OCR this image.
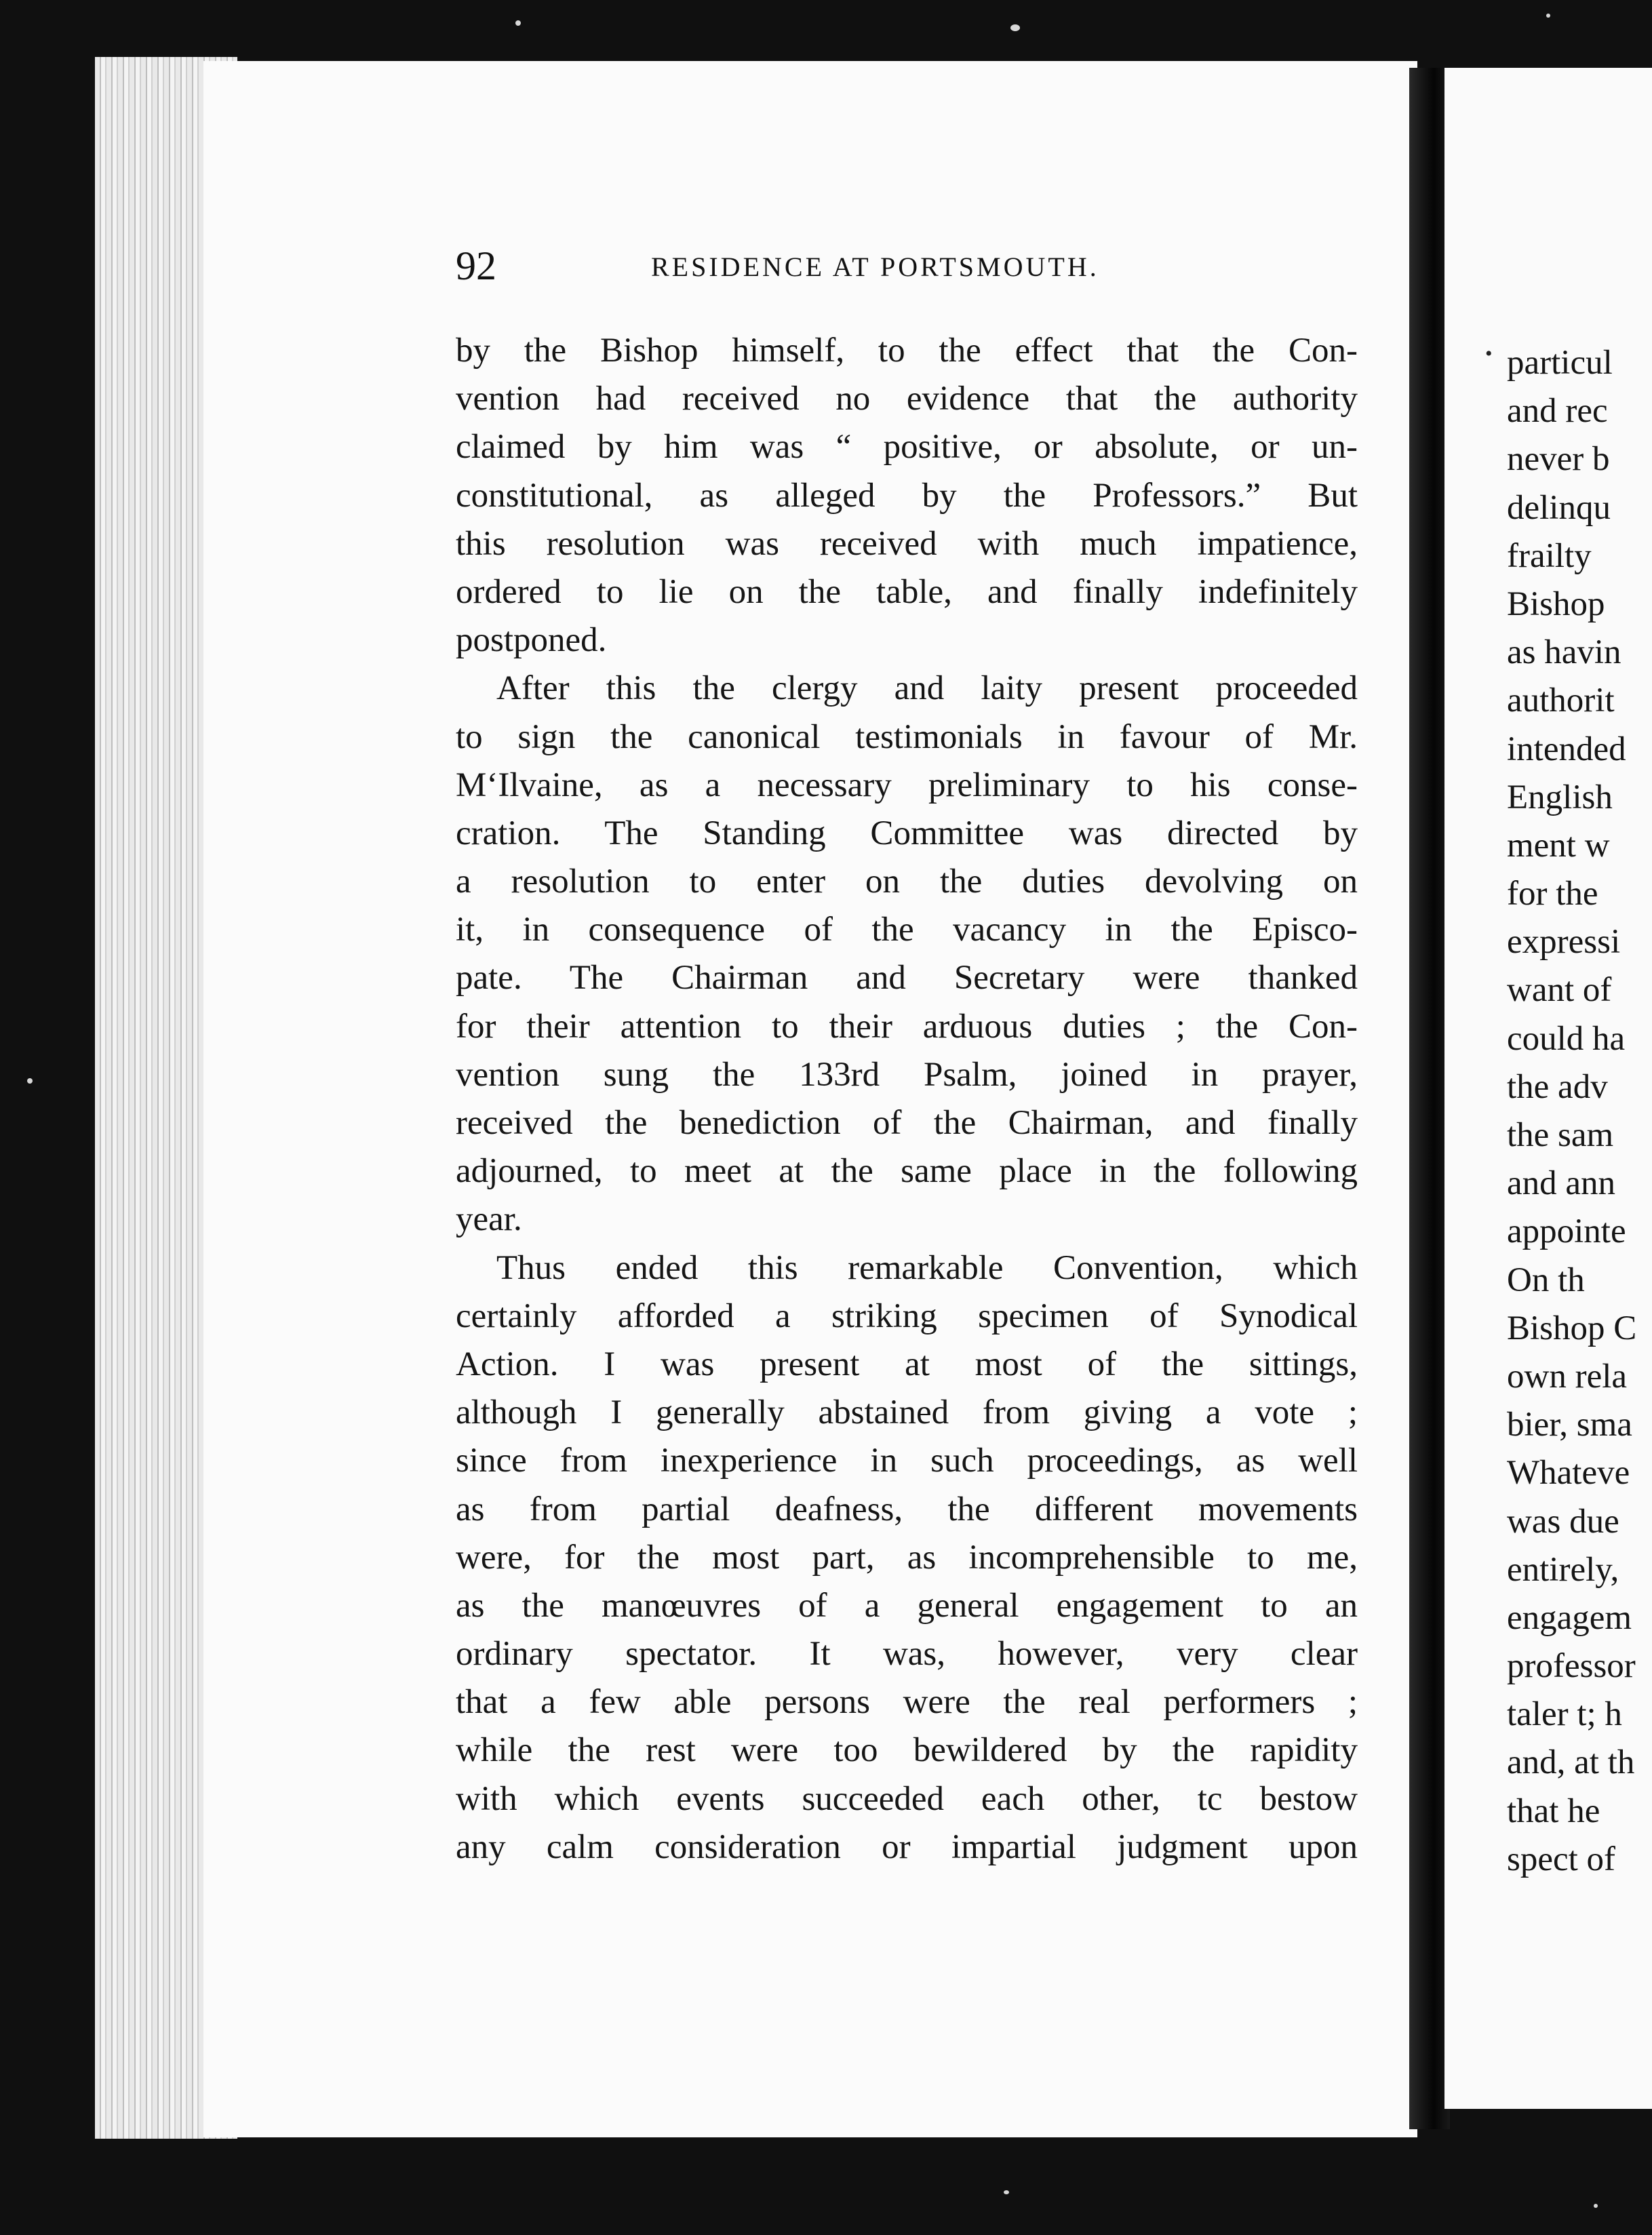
92	RESIDENCE AT PORTSMOUTH.
by the Bishop himself, to the effect that the Con-
vention had received no evidence that the authority
claimed by him was “ positive, or absolute, or un-
constitutional, as alleged by the Professors.” But
this resolution was received with much impatience,
ordered to lie on the table, and finally indefinitely
postponed.
After this the clergy and laity present proceeded
to sign the canonical testimonials in favour of Mr.
M‘Ilvaine, as a necessary preliminary to his conse-
cration. The Standing Committee was directed by
a resolution to enter on the duties devolving on
it, in consequence of the vacancy in the Episco-
pate. The Chairman and Secretary were thanked
for their attention to their arduous duties ; the Con-
vention sung the 133rd Psalm, joined in prayer,
received the benediction of the Chairman, and finally
adjourned, to meet at the same place in the following
year.
Thus ended this remarkable Convention, which
certainly afforded a striking specimen of Synodical
Action. I was present at most of the sittings,
although I generally abstained from giving a vote ;
since from inexperience in such proceedings, as well
as from partial deafness, the different movements
were, for the most part, as incomprehensible to me,
as the manœuvres of a general engagement to an
ordinary spectator. It was, however, very clear
that a few able persons were the real performers ;
while the rest were too bewildered by the rapidity
with which events succeeded each other, tc bestow
any calm consideration or impartial judgment upon
• particul
and rec
never b
delinqu
frailty
Bishop
as havin
authorit
intended
English
ment w
for the
expressi
want of
could ha
the adv
the sam
and ann
appointe
On th
Bishop C
own rela
bier, sma
Whateve
was due
entirely,
engagem
professor
taler t; h
and, at th
that he
spect of
